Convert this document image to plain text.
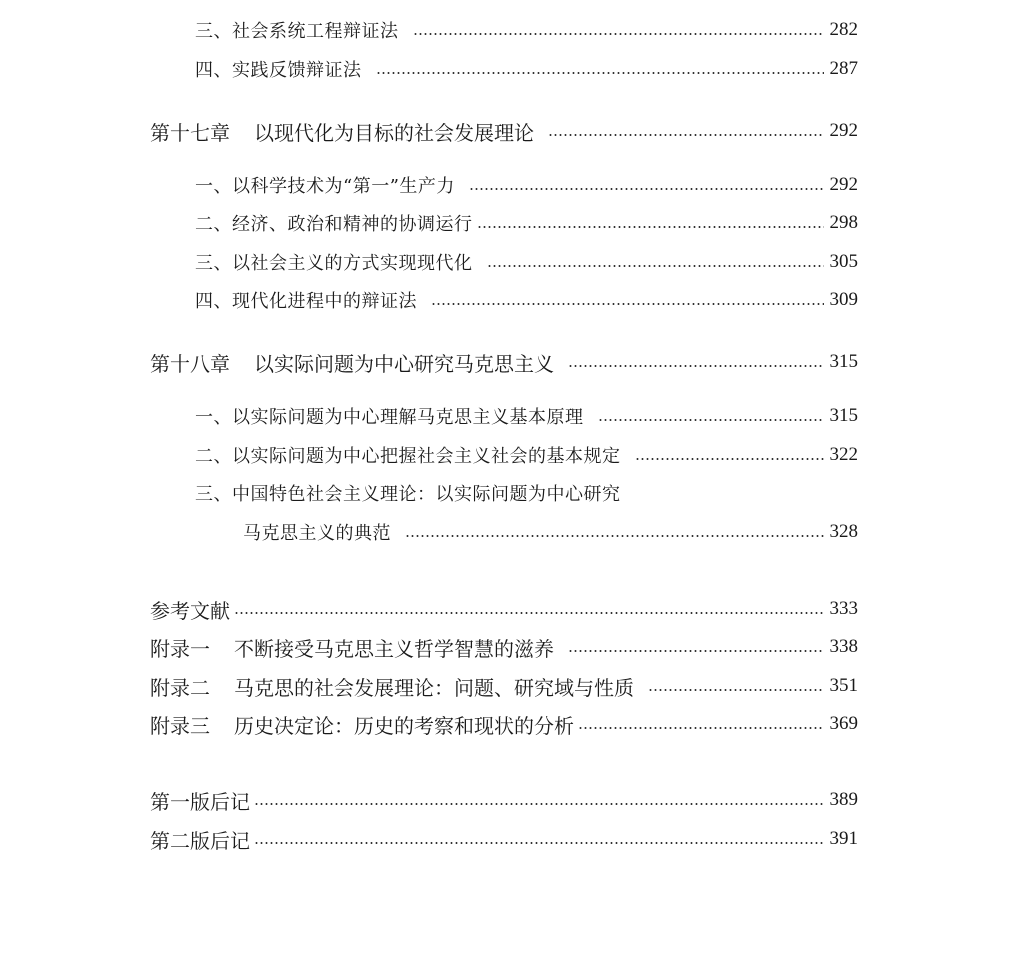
三、社会系统工程辩证法	282
四、实践反馈辩证法	287
第十七章 以现代化为目标的社会发展理论	292
一、以科学技术为“第一”生产力	292
二、经济、政治和精神的协调运行	298
三、以社会主义的方式实现现代化	305
四、现代化进程中的辩证法	309
第十八章 以实际问题为中心研究马克思主义	315
一、以实际问题为中心理解马克思主义基本原理	315
二、以实际问题为中心把握社会主义社会的基本规定	322
三、中国特色社会主义理论：以实际问题为中心研究
马克思主义的典范	328
参考文献	333
附录一 不断接受马克思主义哲学智慧的滋养	338
附录二 马克思的社会发展理论：问题、研究域与性质	351
附录三 历史决定论：历史的考察和现状的分析	369
第一版后记	389
第二版后记	391
